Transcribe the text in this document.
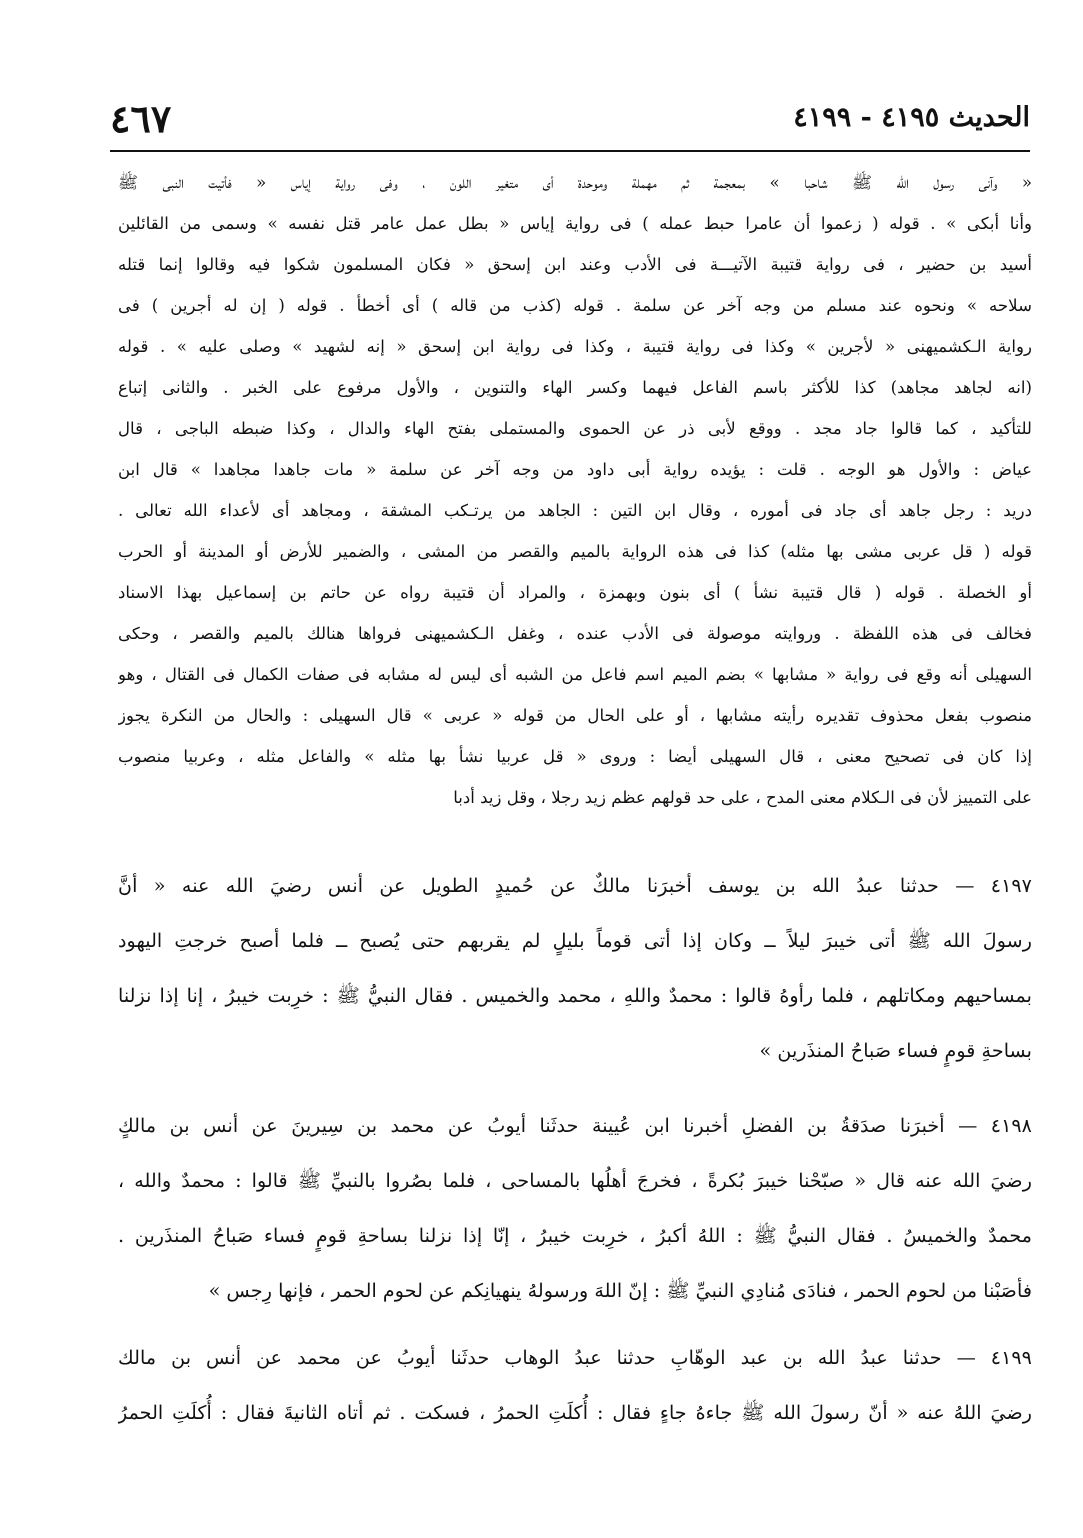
الحديث ٤١٩٥ - ٤١٩٩
٤٦٧
« وآنى رسول الله ﷺ شاحبا » بمعجمة ثم مهملة وموحدة أى متغير اللون ، وفى رواية إياس « فأتيت النبى ﷺ
وأنا أبكى » . قوله ( زعموا أن عامرا حبط عمله ) فى رواية إياس « بطل عمل عامر قتل نفسه » وسمى من القائلين
أسيد بن حضير ، فى رواية قتيبة الآتيـــة فى الأدب وعند ابن إسحق « فكان المسلمون شكوا فيه وقالوا إنما قتله
سلاحه » ونحوه عند مسلم من وجه آخر عن سلمة . قوله (كذب من قاله ) أى أخطأ . قوله ( إن له أجرين ) فى
رواية الـكشميهنى « لأجرين » وكذا فى رواية قتيبة ، وكذا فى رواية ابن إسحق « إنه لشهيد » وصلى عليه » . قوله
(انه لجاهد مجاهد) كذا للأكثر باسم الفاعل فيهما وكسر الهاء والتنوين ، والأول مرفوع على الخبر . والثانى إتباع
للتأكيد ، كما قالوا جاد مجد . ووقع لأبى ذر عن الحموى والمستملى بفتح الهاء والدال ، وكذا ضبطه الباجى ، قال
عياض : والأول هو الوجه . قلت : يؤيده رواية أبى داود من وجه آخر عن سلمة « مات جاهدا مجاهدا » قال ابن
دريد : رجل جاهد أى جاد فى أموره ، وقال ابن التين : الجاهد من يرتـكب المشقة ، ومجاهد أى لأعداء الله تعالى .
قوله ( قل عربى مشى بها مثله) كذا فى هذه الرواية بالميم والقصر من المشى ، والضمير للأرض أو المدينة أو الحرب
أو الخصلة . قوله ( قال قتيبة نشأ ) أى بنون وبهمزة ، والمراد أن قتيبة رواه عن حاتم بن إسماعيل بهذا الاسناد
فخالف فى هذه اللفظة . وروايته موصولة فى الأدب عنده ، وغفل الـكشميهنى فرواها هنالك بالميم والقصر ، وحكى
السهيلى أنه وقع فى رواية « مشابها » بضم الميم اسم فاعل من الشبه أى ليس له مشابه فى صفات الكمال فى القتال ، وهو
منصوب بفعل محذوف تقديره رأيته مشابها ، أو على الحال من قوله « عربى » قال السهيلى : والحال من النكرة يجوز
إذا كان فى تصحيح معنى ، قال السهيلى أيضا : وروى « قل عربيا نشأ بها مثله » والفاعل مثله ، وعربيا منصوب
على التمييز لأن فى الـكلام معنى المدح ، على حد قولهم عظم زيد رجلا ، وقل زيد أدبا
٤١٩٧ — حدثنا عبدُ الله بن يوسف أخبرَنا مالكٌ عن حُميدٍ الطويل عن أنس رضيَ الله عنه « أنَّ
رسولَ الله ﷺ أتى خيبرَ ليلاً ــ وكان إذا أتى قوماً بليلٍ لم يقربهم حتى يُصبح ــ فلما أصبح خرجتِ اليهود
بمساحيهم ومكاتلهم ، فلما رأوهُ قالوا : محمدٌ واللهِ ، محمد والخميس . فقال النبيُّ ﷺ : خرِبت خيبرُ ، إنا إذا نزلنا
بساحةِ قومٍ فساء صَباحُ المنذَرين »
٤١٩٨ — أخبرَنا صدَقةُ بن الفضلِ أخبرنا ابن عُيينة حدثَنا أيوبُ عن محمد بن سِيرينَ عن أنس بن مالكٍ
رضيَ الله عنه قال « صبّحْنا خيبرَ بُكرةً ، فخرجَ أهلُها بالمساحى ، فلما بصُروا بالنبيِّ ﷺ قالوا : محمدٌ والله ،
محمدٌ والخميسُ . فقال النبيُّ ﷺ : اللهُ أكبرُ ، خرِبت خيبرُ ، إنّا إذا نزلنا بساحةِ قومٍ فساء صَباحُ المنذَرين .
فأصَبْنا من لحوم الحمر ، فنادَى مُنادِي النبيِّ ﷺ : إنّ اللهَ ورسولهُ ينهيانِكم عن لحوم الحمر ، فإنها رِجس »
٤١٩٩ — حدثنا عبدُ الله بن عبد الوهّابِ حدثنا عبدُ الوهاب حدثَنا أيوبُ عن محمد عن أنس بن مالك
رضيَ اللهُ عنه « أنّ رسولَ الله ﷺ جاءهُ جاءٍ فقال : أُكلَتِ الحمرُ ، فسكت . ثم أتاه الثانيةَ فقال : أُكلَتِ الحمرُ
